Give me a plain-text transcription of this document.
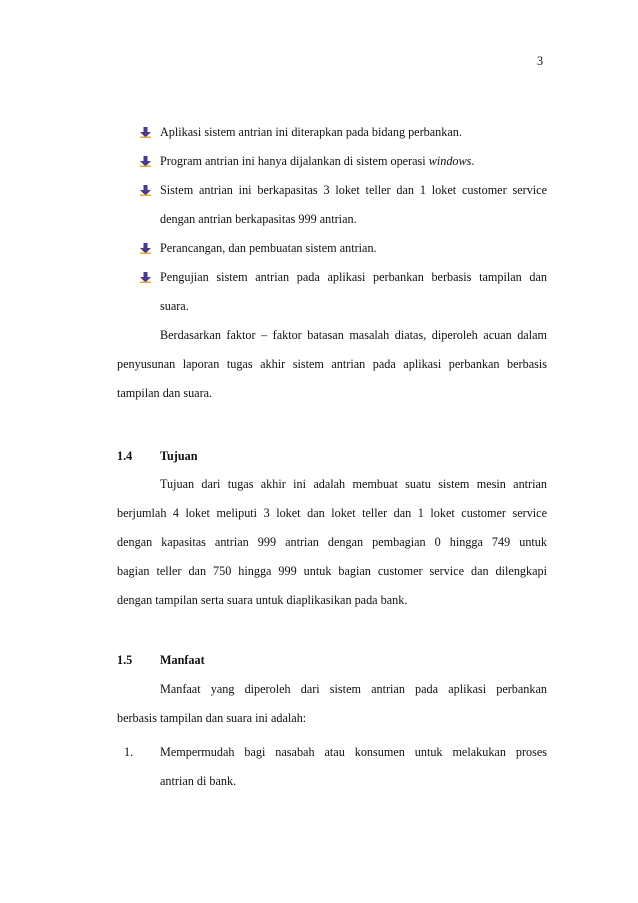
3
Aplikasi sistem antrian ini diterapkan pada bidang perbankan.
Program antrian ini hanya dijalankan di sistem operasi windows.
Sistem antrian ini berkapasitas 3 loket teller dan 1 loket customer service
dengan antrian berkapasitas 999 antrian.
Perancangan, dan pembuatan sistem antrian.
Pengujian sistem antrian pada aplikasi perbankan berbasis tampilan dan
suara.
Berdasarkan faktor – faktor batasan masalah diatas, diperoleh acuan dalam
penyusunan laporan tugas akhir sistem antrian pada aplikasi perbankan berbasis
tampilan dan suara.
1.4 Tujuan
Tujuan dari tugas akhir ini adalah membuat suatu sistem mesin antrian
berjumlah 4 loket meliputi 3 loket dan loket teller dan 1 loket customer service
dengan kapasitas antrian 999 antrian dengan pembagian 0 hingga 749 untuk
bagian teller dan 750 hingga 999 untuk bagian customer service dan dilengkapi
dengan tampilan serta suara untuk diaplikasikan pada bank.
1.5 Manfaat
Manfaat yang diperoleh dari sistem antrian pada aplikasi perbankan
berbasis tampilan dan suara ini adalah:
1. Mempermudah bagi nasabah atau konsumen untuk melakukan proses
antrian di bank.
